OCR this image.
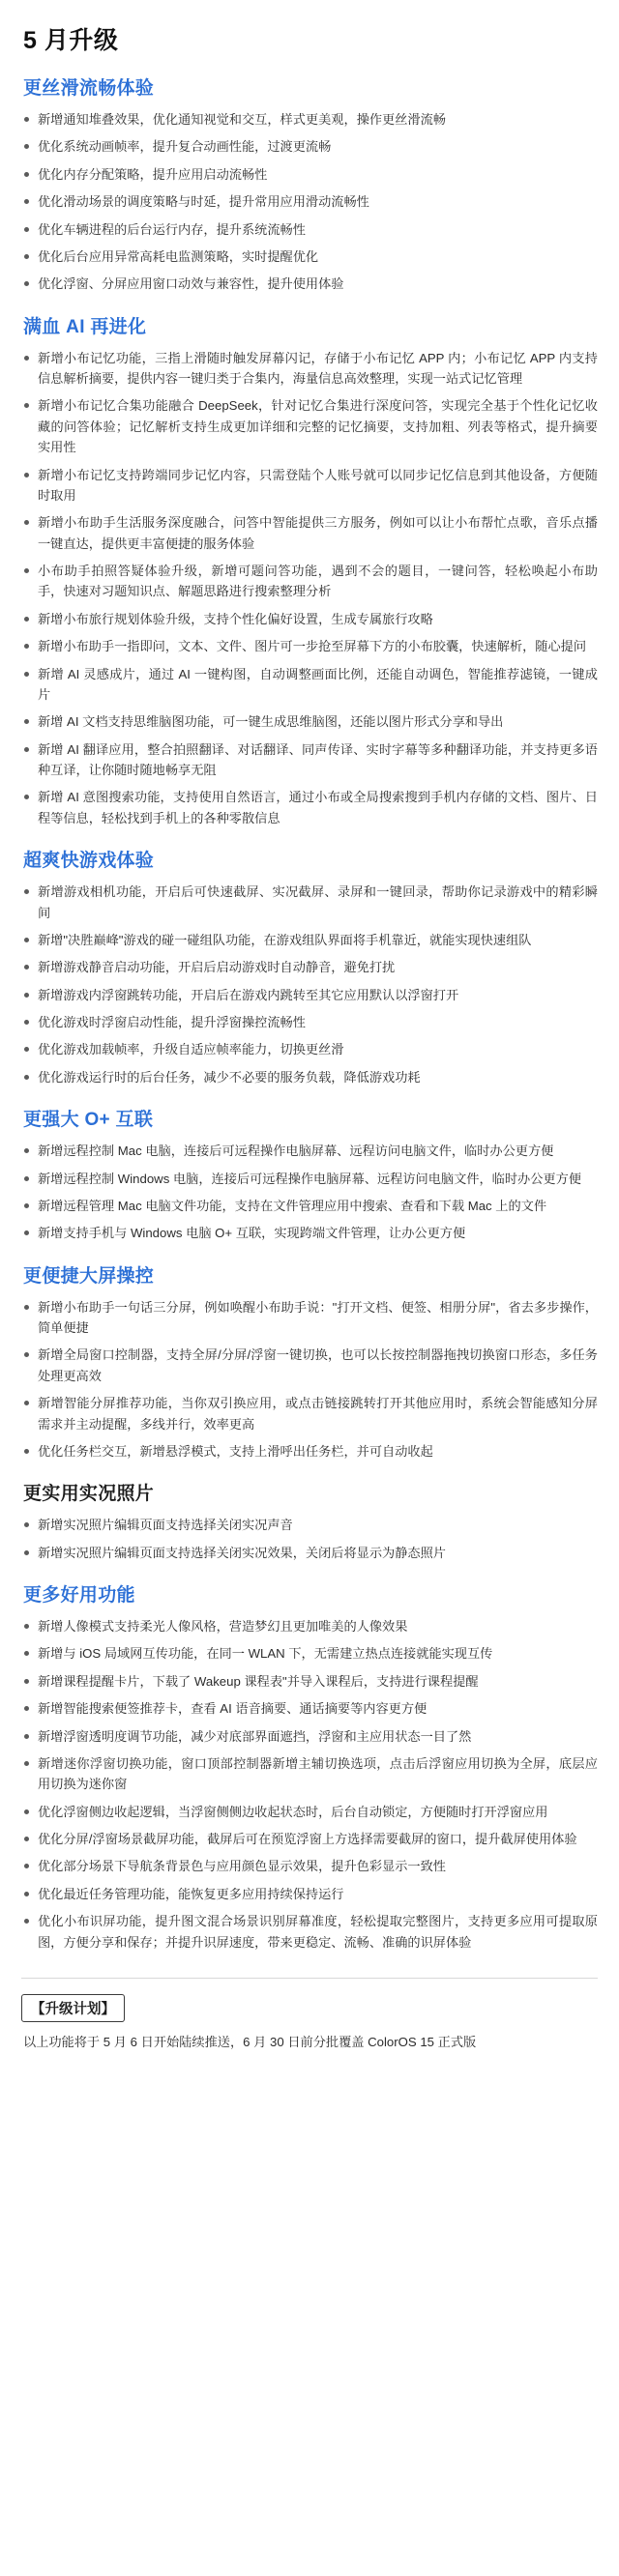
5 月升级
更丝滑流畅体验
新增通知堆叠效果，优化通知视觉和交互，样式更美观，操作更丝滑流畅
优化系统动画帧率，提升复合动画性能，过渡更流畅
优化内存分配策略，提升应用启动流畅性
优化滑动场景的调度策略与时延，提升常用应用滑动流畅性
优化车辆进程的后台运行内存，提升系统流畅性
优化后台应用异常高耗电监测策略，实时提醒优化
优化浮窗、分屏应用窗口动效与兼容性，提升使用体验
满血 AI 再进化
新增小布记忆功能，三指上滑随时触发屏幕闪记，存储于小布记忆 APP 内；小布记忆 APP 内支持信息解析摘要，提供内容一键归类于合集内，海量信息高效整理，实现一站式记忆管理
新增小布记忆合集功能融合 DeepSeek，针对记忆合集进行深度问答，实现完全基于个性化记忆收藏的问答体验；记忆解析支持生成更加详细和完整的记忆摘要，支持加粗、列表等格式，提升摘要实用性
新增小布记忆支持跨端同步记忆内容，只需登陆个人账号就可以同步记忆信息到其他设备，方便随时取用
新增小布助手生活服务深度融合，问答中智能提供三方服务，例如可以让小布帮忙点歌，音乐点播一键直达，提供更丰富便捷的服务体验
小布助手拍照答疑体验升级，新增可题问答功能，遇到不会的题目，一键问答，轻松唤起小布助手，快速对习题知识点、解题思路进行搜索整理分析
新增小布旅行规划体验升级，支持个性化偏好设置，生成专属旅行攻略
新增小布助手一指即问，文本、文件、图片可一步抢至屏幕下方的小布胶囊，快速解析，随心提问
新增 AI 灵感成片，通过 AI 一键构图，自动调整画面比例，还能自动调色，智能推荐滤镜，一键成片
新增 AI 文档支持思维脑图功能，可一键生成思维脑图，还能以图片形式分享和导出
新增 AI 翻译应用，整合拍照翻译、对话翻译、同声传译、实时字幕等多种翻译功能，并支持更多语种互译，让你随时随地畅享无阻
新增 AI 意图搜索功能，支持使用自然语言，通过小布或全局搜索搜到手机内存储的文档、图片、日程等信息，轻松找到手机上的各种零散信息
超爽快游戏体验
新增游戏相机功能，开启后可快速截屏、实况截屏、录屏和一键回录，帮助你记录游戏中的精彩瞬间
新增"决胜巅峰"游戏的碰一碰组队功能，在游戏组队界面将手机靠近，就能实现快速组队
新增游戏静音启动功能，开启后启动游戏时自动静音，避免打扰
新增游戏内浮窗跳转功能，开启后在游戏内跳转至其它应用默认以浮窗打开
优化游戏时浮窗启动性能，提升浮窗操控流畅性
优化游戏加载帧率，升级自适应帧率能力，切换更丝滑
优化游戏运行时的后台任务，减少不必要的服务负载，降低游戏功耗
更强大 O+ 互联
新增远程控制 Mac 电脑，连接后可远程操作电脑屏幕、远程访问电脑文件，临时办公更方便
新增远程控制 Windows 电脑，连接后可远程操作电脑屏幕、远程访问电脑文件，临时办公更方便
新增远程管理 Mac 电脑文件功能，支持在文件管理应用中搜索、查看和下载 Mac 上的文件
新增支持手机与 Windows 电脑 O+ 互联，实现跨端文件管理，让办公更方便
更便捷大屏操控
新增小布助手一句话三分屏，例如唤醒小布助手说："打开文档、便签、相册分屏"，省去多步操作，简单便捷
新增全局窗口控制器，支持全屏/分屏/浮窗一键切换，也可以长按控制器拖拽切换窗口形态，多任务处理更高效
新增智能分屏推荐功能，当你双引换应用，或点击链接跳转打开其他应用时，系统会智能感知分屏需求并主动提醒，多线并行，效率更高
优化任务栏交互，新增悬浮模式，支持上滑呼出任务栏，并可自动收起
更实用实况照片
新增实况照片编辑页面支持选择关闭实况声音
新增实况照片编辑页面支持选择关闭实况效果，关闭后将显示为静态照片
更多好用功能
新增人像模式支持柔光人像风格，营造梦幻且更加唯美的人像效果
新增与 iOS 局域网互传功能，在同一 WLAN 下，无需建立热点连接就能实现互传
新增课程提醒卡片，下载了 Wakeup 课程表"并导入课程后，支持进行课程提醒
新增智能搜索便签推荐卡，查看 AI 语音摘要、通话摘要等内容更方便
新增浮窗透明度调节功能，减少对底部界面遮挡，浮窗和主应用状态一目了然
新增迷你浮窗切换功能，窗口顶部控制器新增主辅切换选项，点击后浮窗应用切换为全屏，底层应用切换为迷你窗
优化浮窗侧边收起逻辑，当浮窗侧侧边收起状态时，后台自动锁定，方便随时打开浮窗应用
优化分屏/浮窗场景截屏功能，截屏后可在预览浮窗上方选择需要截屏的窗口，提升截屏使用体验
优化部分场景下导航条背景色与应用颜色显示效果，提升色彩显示一致性
优化最近任务管理功能，能恢复更多应用持续保持运行
优化小布识屏功能，提升图文混合场景识别屏幕准度，轻松提取完整图片，支持更多应用可提取原图，方便分享和保存；并提升识屏速度，带来更稳定、流畅、准确的识屏体验
【升级计划】

以上功能将于 5 月 6 日开始陆续推送，6 月 30 日前分批覆盖 ColorOS 15 正式版
